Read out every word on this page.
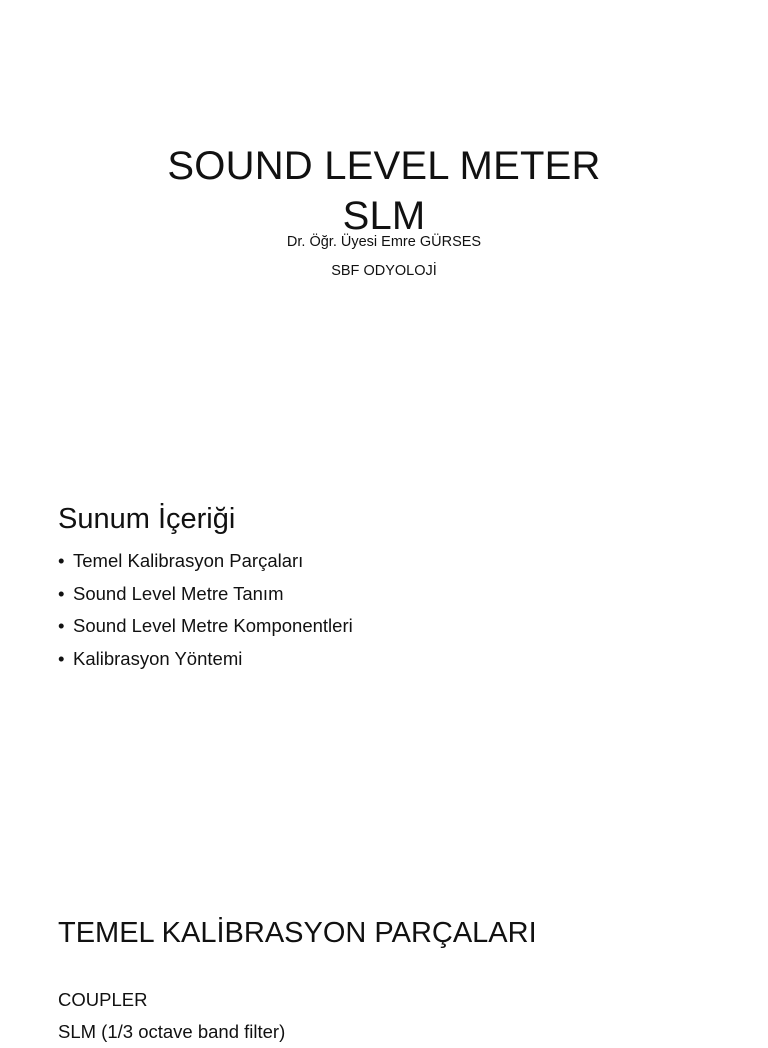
SOUND LEVEL METER
SLM
Dr. Öğr. Üyesi Emre GÜRSES
SBF ODYOLOJİ
Sunum İçeriği
• Temel Kalibrasyon Parçaları
• Sound Level Metre Tanım
• Sound Level Metre Komponentleri
• Kalibrasyon Yöntemi
TEMEL KALİBRASYON PARÇALARI
COUPLER
SLM (1/3 octave band filter)
